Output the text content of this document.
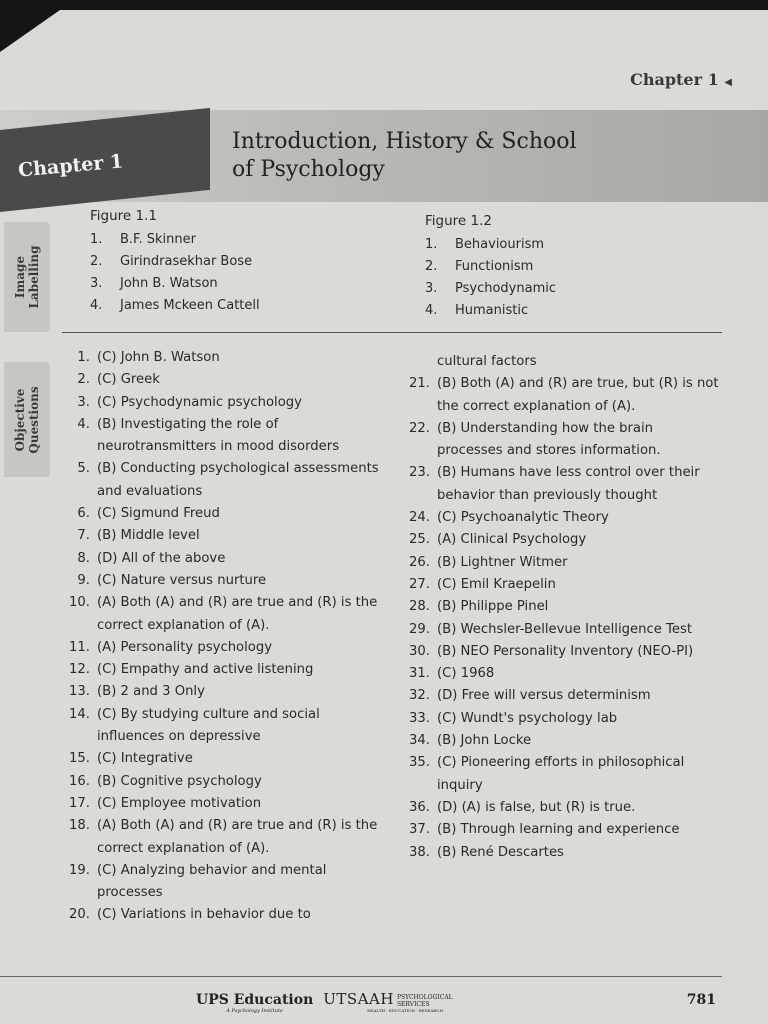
Chapter 1 ◀
Chapter 1
Introduction, History & School
of Psychology
Image Labelling
Objective Questions
Figure 1.1
1.	B.F. Skinner
2.	Girindrasekhar Bose
3.	John B. Watson
4.	James Mckeen Cattell
Figure 1.2
1.	Behaviourism
2.	Functionism
3.	Psychodynamic
4.	Humanistic
1. (C) John B. Watson
2. (C) Greek
3. (C) Psychodynamic psychology
4. (B) Investigating the role of neurotransmitters in mood disorders
5. (B) Conducting psychological assessments and evaluations
6. (C) Sigmund Freud
7. (B) Middle level
8. (D) All of the above
9. (C) Nature versus nurture
10. (A) Both (A) and (R) are true and (R) is the correct explanation of (A).
11. (A) Personality psychology
12. (C) Empathy and active listening
13. (B) 2 and 3 Only
14. (C) By studying culture and social influences on depressive
15. (C) Integrative
16. (B) Cognitive psychology
17. (C) Employee motivation
18. (A) Both (A) and (R) are true and (R) is the correct explanation of (A).
19. (C) Analyzing behavior and mental processes
20. (C) Variations in behavior due to
cultural factors
21. (B) Both (A) and (R) are true, but (R) is not the correct explanation of (A).
22. (B) Understanding how the brain processes and stores information.
23. (B) Humans have less control over their behavior than previously thought
24. (C) Psychoanalytic Theory
25. (A) Clinical Psychology
26. (B) Lightner Witmer
27. (C) Emil Kraepelin
28. (B) Philippe Pinel
29. (B) Wechsler-Bellevue Intelligence Test
30. (B) NEO Personality Inventory (NEO-PI)
31. (C) 1968
32. (D) Free will versus determinism
33. (C) Wundt's psychology lab
34. (B) John Locke
35. (C) Pioneering efforts in philosophical inquiry
36. (D) (A) is false, but (R) is true.
37. (B) Through learning and experience
38. (B) René Descartes
UPS Education
A Psychology Institute
UTSAAH PSYCHOLOGICAL
SERVICES
HEALTH · EDUCATION · RESEARCH
781
